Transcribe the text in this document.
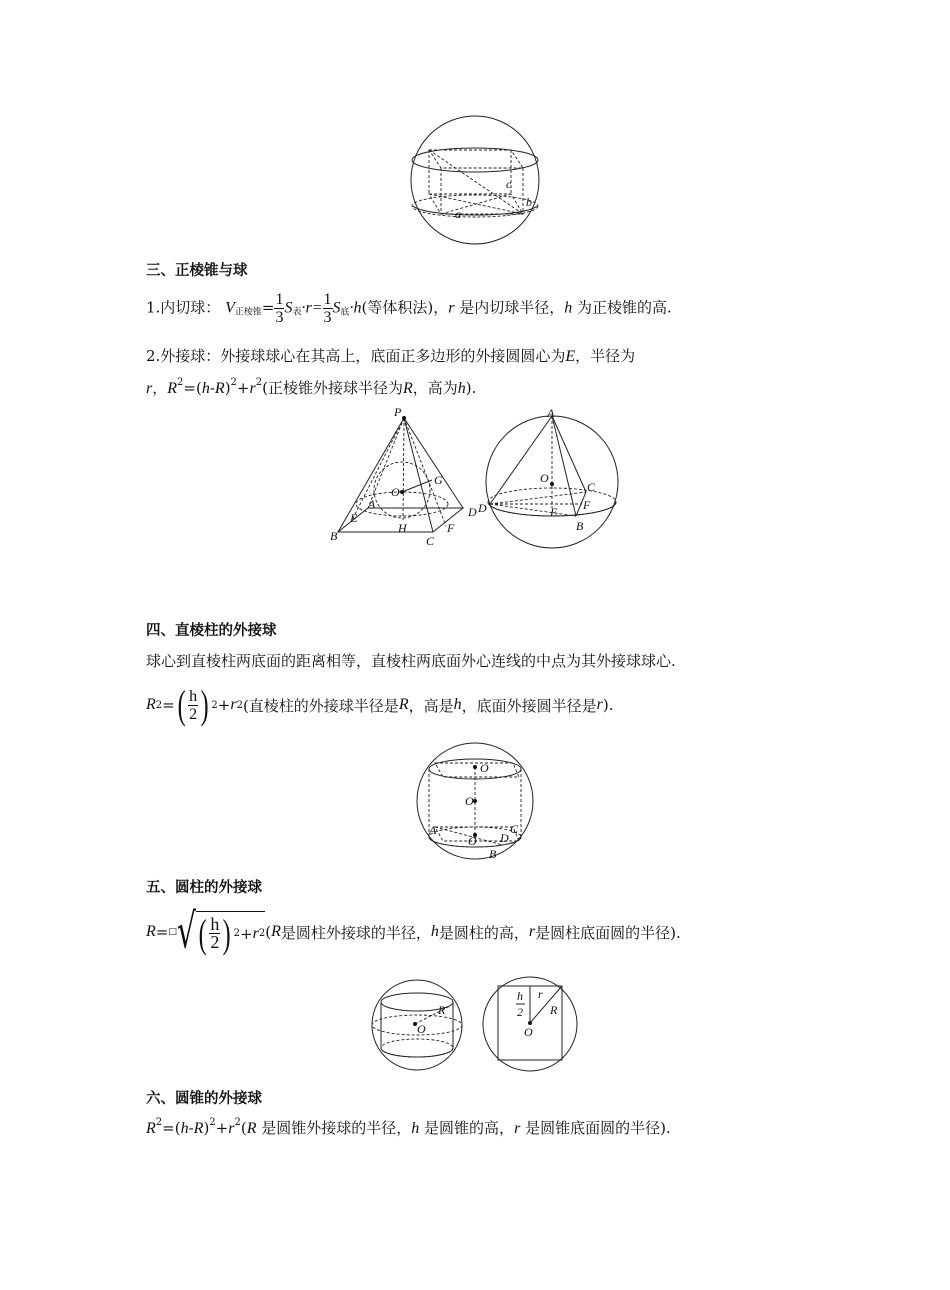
c
a
b
三、正棱锥与球
1.内切球： $V_{正棱锥}= \frac{1}{3} S_表\cdot r= \frac{1}{3} S_底\cdot h$(等体积法)，r 是内切球半径，h 为正棱锥的高.
2.外接球：外接球球心在其高上，底面正多边形的外接圆圆心为E，半径为
r，$R^2=(h-R)^2+r^2$(正棱锥外接球半径为R，高为h).
P
O
G
A
E
H
D
B	C
F
A
O
C
D	E F
B
四、直棱柱的外接球
球心到直棱柱两底面的距离相等，直棱柱两底面外心连线的中点为其外接球球心.
R 2 = ( $\frac{h}{2}$ ) 2 + r 2 (直棱柱的外接球半径是 R ，高是 h ，底面外接圆半径是 r ).
O
O
A	C
O D
B
五、圆柱的外接球
R = □ √ ( $\frac{h}{2}$ ) 2 + r 2 ( R 是圆柱外接球的半径， h 是圆柱的高， r 是圆柱底面圆的半径).
O
R
h
2
r
R
O
六、圆锥的外接球
$R^2=(h-R)^2+r^2(R$ 是圆锥外接球的半径，h 是圆锥的高，r 是圆锥底面圆的半径).
